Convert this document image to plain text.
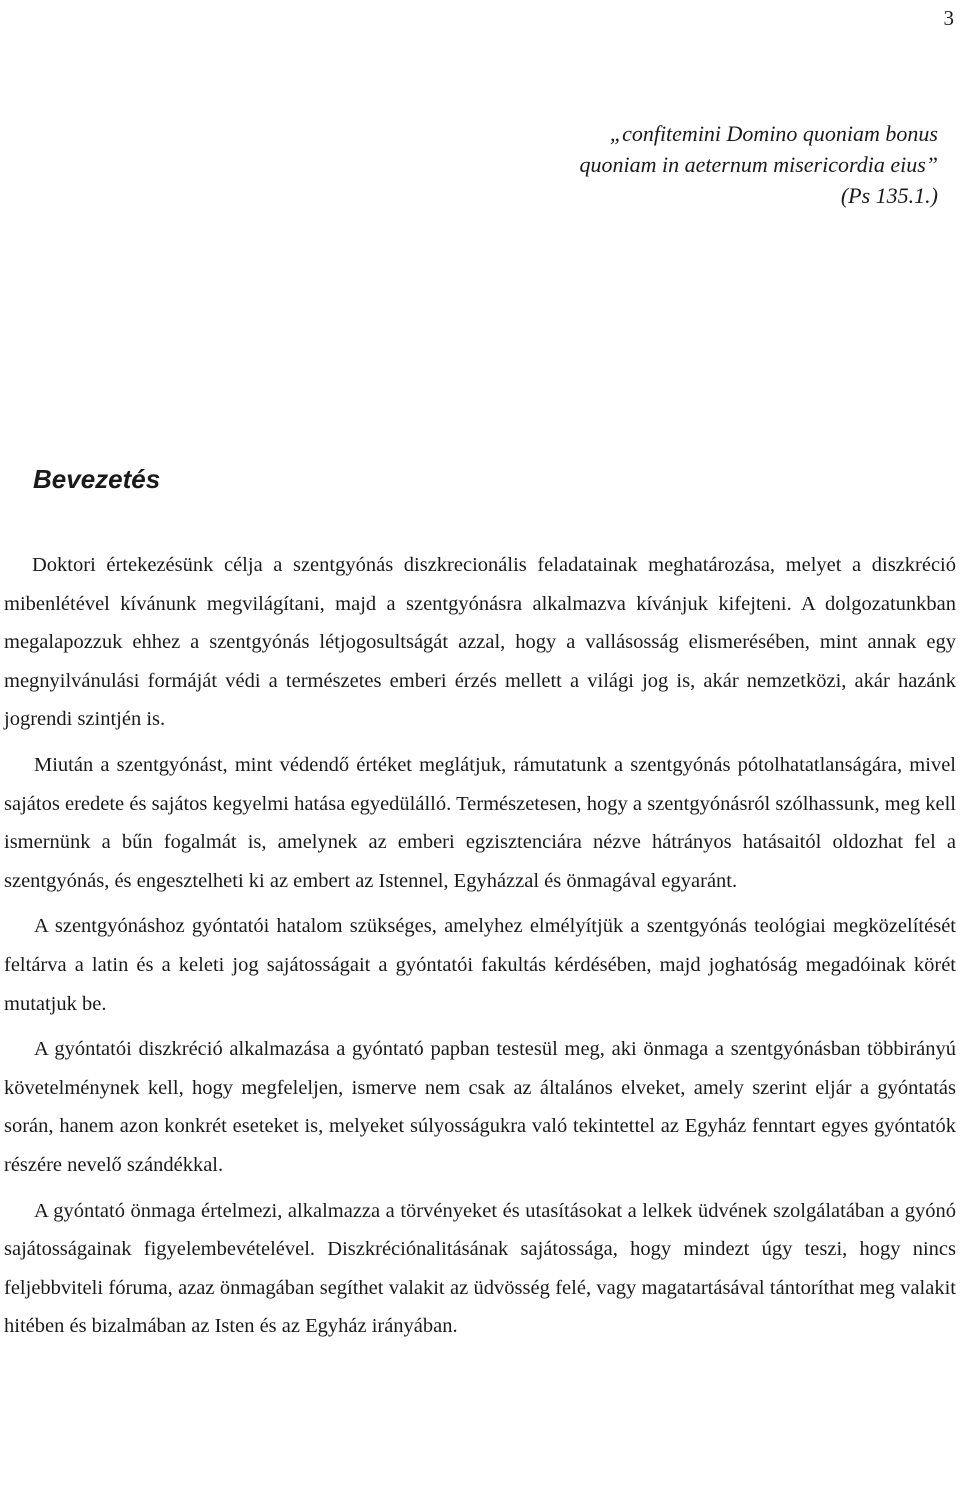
3
„confitemini Domino quoniam bonus
quoniam in aeternum misericordia eius”
(Ps 135.1.)
Bevezetés

Doktori értekezésünk célja a szentgyónás diszkrecionális feladatainak meghatározása, melyet a diszkréció mibenlétével kívánunk megvilágítani, majd a szentgyónásra alkalmazva kívánjuk kifejteni. A dolgozatunkban megalapozzuk ehhez a szentgyónás létjogosultságát azzal, hogy a vallásosság elismerésében, mint annak egy megnyilvánulási formáját védi a természetes emberi érzés mellett a világi jog is, akár nemzetközi, akár hazánk jogrendi szintjén is.

Miután a szentgyónást, mint védendő értéket meglátjuk, rámutatunk a szentgyónás pótolhatatlanságára, mivel sajátos eredete és sajátos kegyelmi hatása egyedülálló. Természetesen, hogy a szentgyónásról szólhassunk, meg kell ismernünk a bűn fogalmát is, amelynek az emberi egzisztenciára nézve hátrányos hatásaitól oldozhat fel a szentgyónás, és engesztelheti ki az embert az Istennel, Egyházzal és önmagával egyaránt.

A szentgyónáshoz gyóntatói hatalom szükséges, amelyhez elmélyítjük a szentgyónás teológiai megközelítését feltárva a latin és a keleti jog sajátosságait a gyóntatói fakultás kérdésében, majd joghatóság megadóinak körét mutatjuk be.

A gyóntatói diszkréció alkalmazása a gyóntató papban testesül meg, aki önmaga a szentgyónásban többirányú követelménynek kell, hogy megfeleljen, ismerve nem csak az általános elveket, amely szerint eljár a gyóntatás során, hanem azon konkrét eseteket is, melyeket súlyosságukra való tekintettel az Egyház fenntart egyes gyóntatók részére nevelő szándékkal.

A gyóntató önmaga értelmezi, alkalmazza a törvényeket és utasításokat a lelkek üdvének szolgálatában a gyónó sajátosságainak figyelembevételével. Diszkréciónalitásának sajátossága, hogy mindezt úgy teszi, hogy nincs feljebbviteli fóruma, azaz önmagában segíthet valakit az üdvösség felé, vagy magatartásával tántoríthat meg valakit hitében és bizalmában az Isten és az Egyház irányában.
